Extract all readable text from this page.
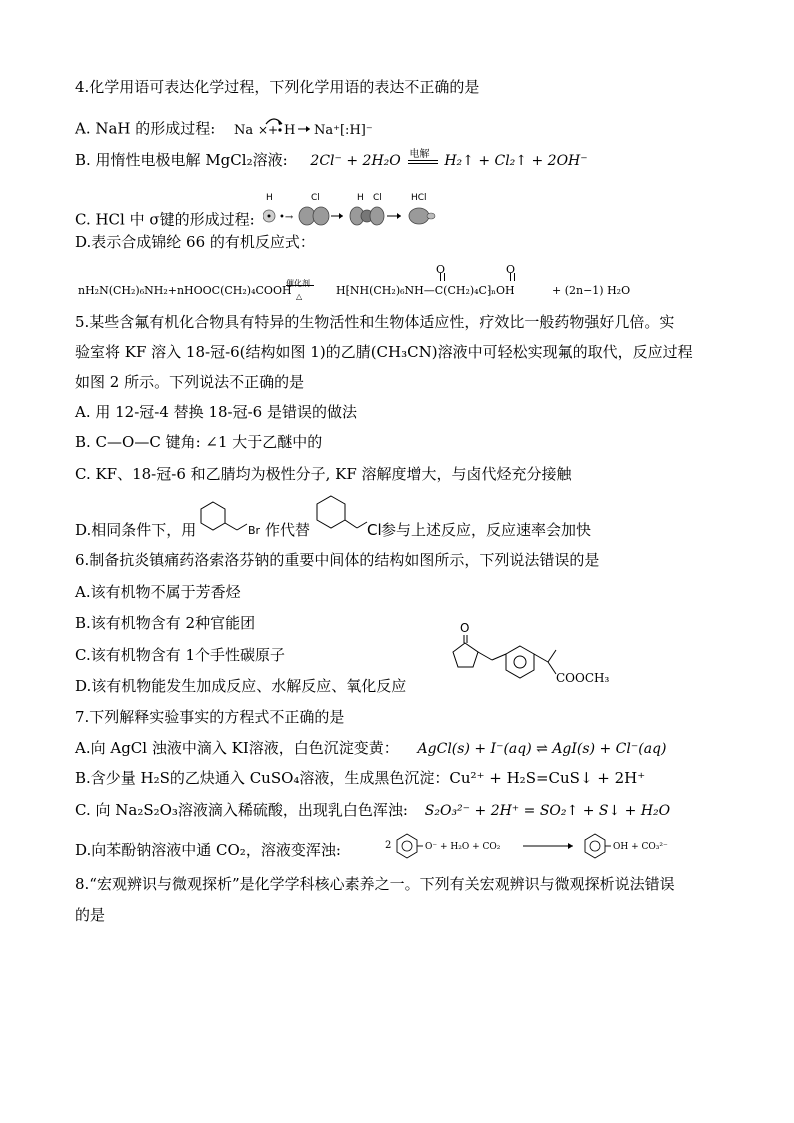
4.化学用语可表达化学过程，下列化学用语的表达不正确的是
A. NaH 的形成过程: Na × + H Na⁺[:H]⁻
B. 用惰性电极电解 MgCl₂溶液: 2Cl⁻ + 2H₂O 电解 H₂↑ + Cl₂↑ + 2OH⁻
C. HCl 中 σ键的形成过程:
H
•→
Cl	H Cl	HCl
D.表示合成锦纶 66 的有机反应式：
nH₂N(CH₂)₆NH₂+nHOOC(CH₂)₄COOH
催化剂
△	H⁅NH(CH₂)₆NH—C(CH₂)₄C⁆ₙOH
O	O
+ (2n−1) H₂O
5.某些含氟有机化合物具有特异的生物活性和生物体适应性，疗效比一般药物强好几倍。实
验室将 KF 溶入 18-冠-6(结构如图 1)的乙腈(CH₃CN)溶液中可轻松实现氟的取代，反应过程
如图 2 所示。下列说法不正确的是
A. 用 12-冠-4 替换 18-冠-6 是错误的做法
B. C—O—C 键角: ∠1 大于乙醚中的
C. KF、18-冠-6 和乙腈均为极性分子, KF 溶解度增大，与卤代烃充分接触
D.相同条件下，用	Br 作代替	Cl 参与上述反应，反应速率会加快
6.制备抗炎镇痛药洛索洛芬钠的重要中间体的结构如图所示，下列说法错误的是
A.该有机物不属于芳香烃
B.该有机物含有 2种官能团
C.该有机物含有 1个手性碳原子
D.该有机物能发生加成反应、水解反应、氧化反应
O
COOCH₃
7.下列解释实验事实的方程式不正确的是
A.向 AgCl 浊液中滴入 KI溶液，白色沉淀变黄： AgCl(s) + I⁻(aq) ⇌ AgI(s) + Cl⁻(aq)
B.含少量 H₂S的乙炔通入 CuSO₄溶液，生成黑色沉淀：Cu²⁺ + H₂S=CuS↓ + 2H⁺
C. 向 Na₂S₂O₃溶液滴入稀硫酸，出现乳白色浑浊: S₂O₃²⁻ + 2H⁺ = SO₂↑ + S↓ + H₂O
D.向苯酚钠溶液中通 CO₂，溶液变浑浊:	2	O⁻ + H₂O + CO₂	OH + CO₃²⁻
8.“宏观辨识与微观探析”是化学学科核心素养之一。下列有关宏观辨识与微观探析说法错误
的是
